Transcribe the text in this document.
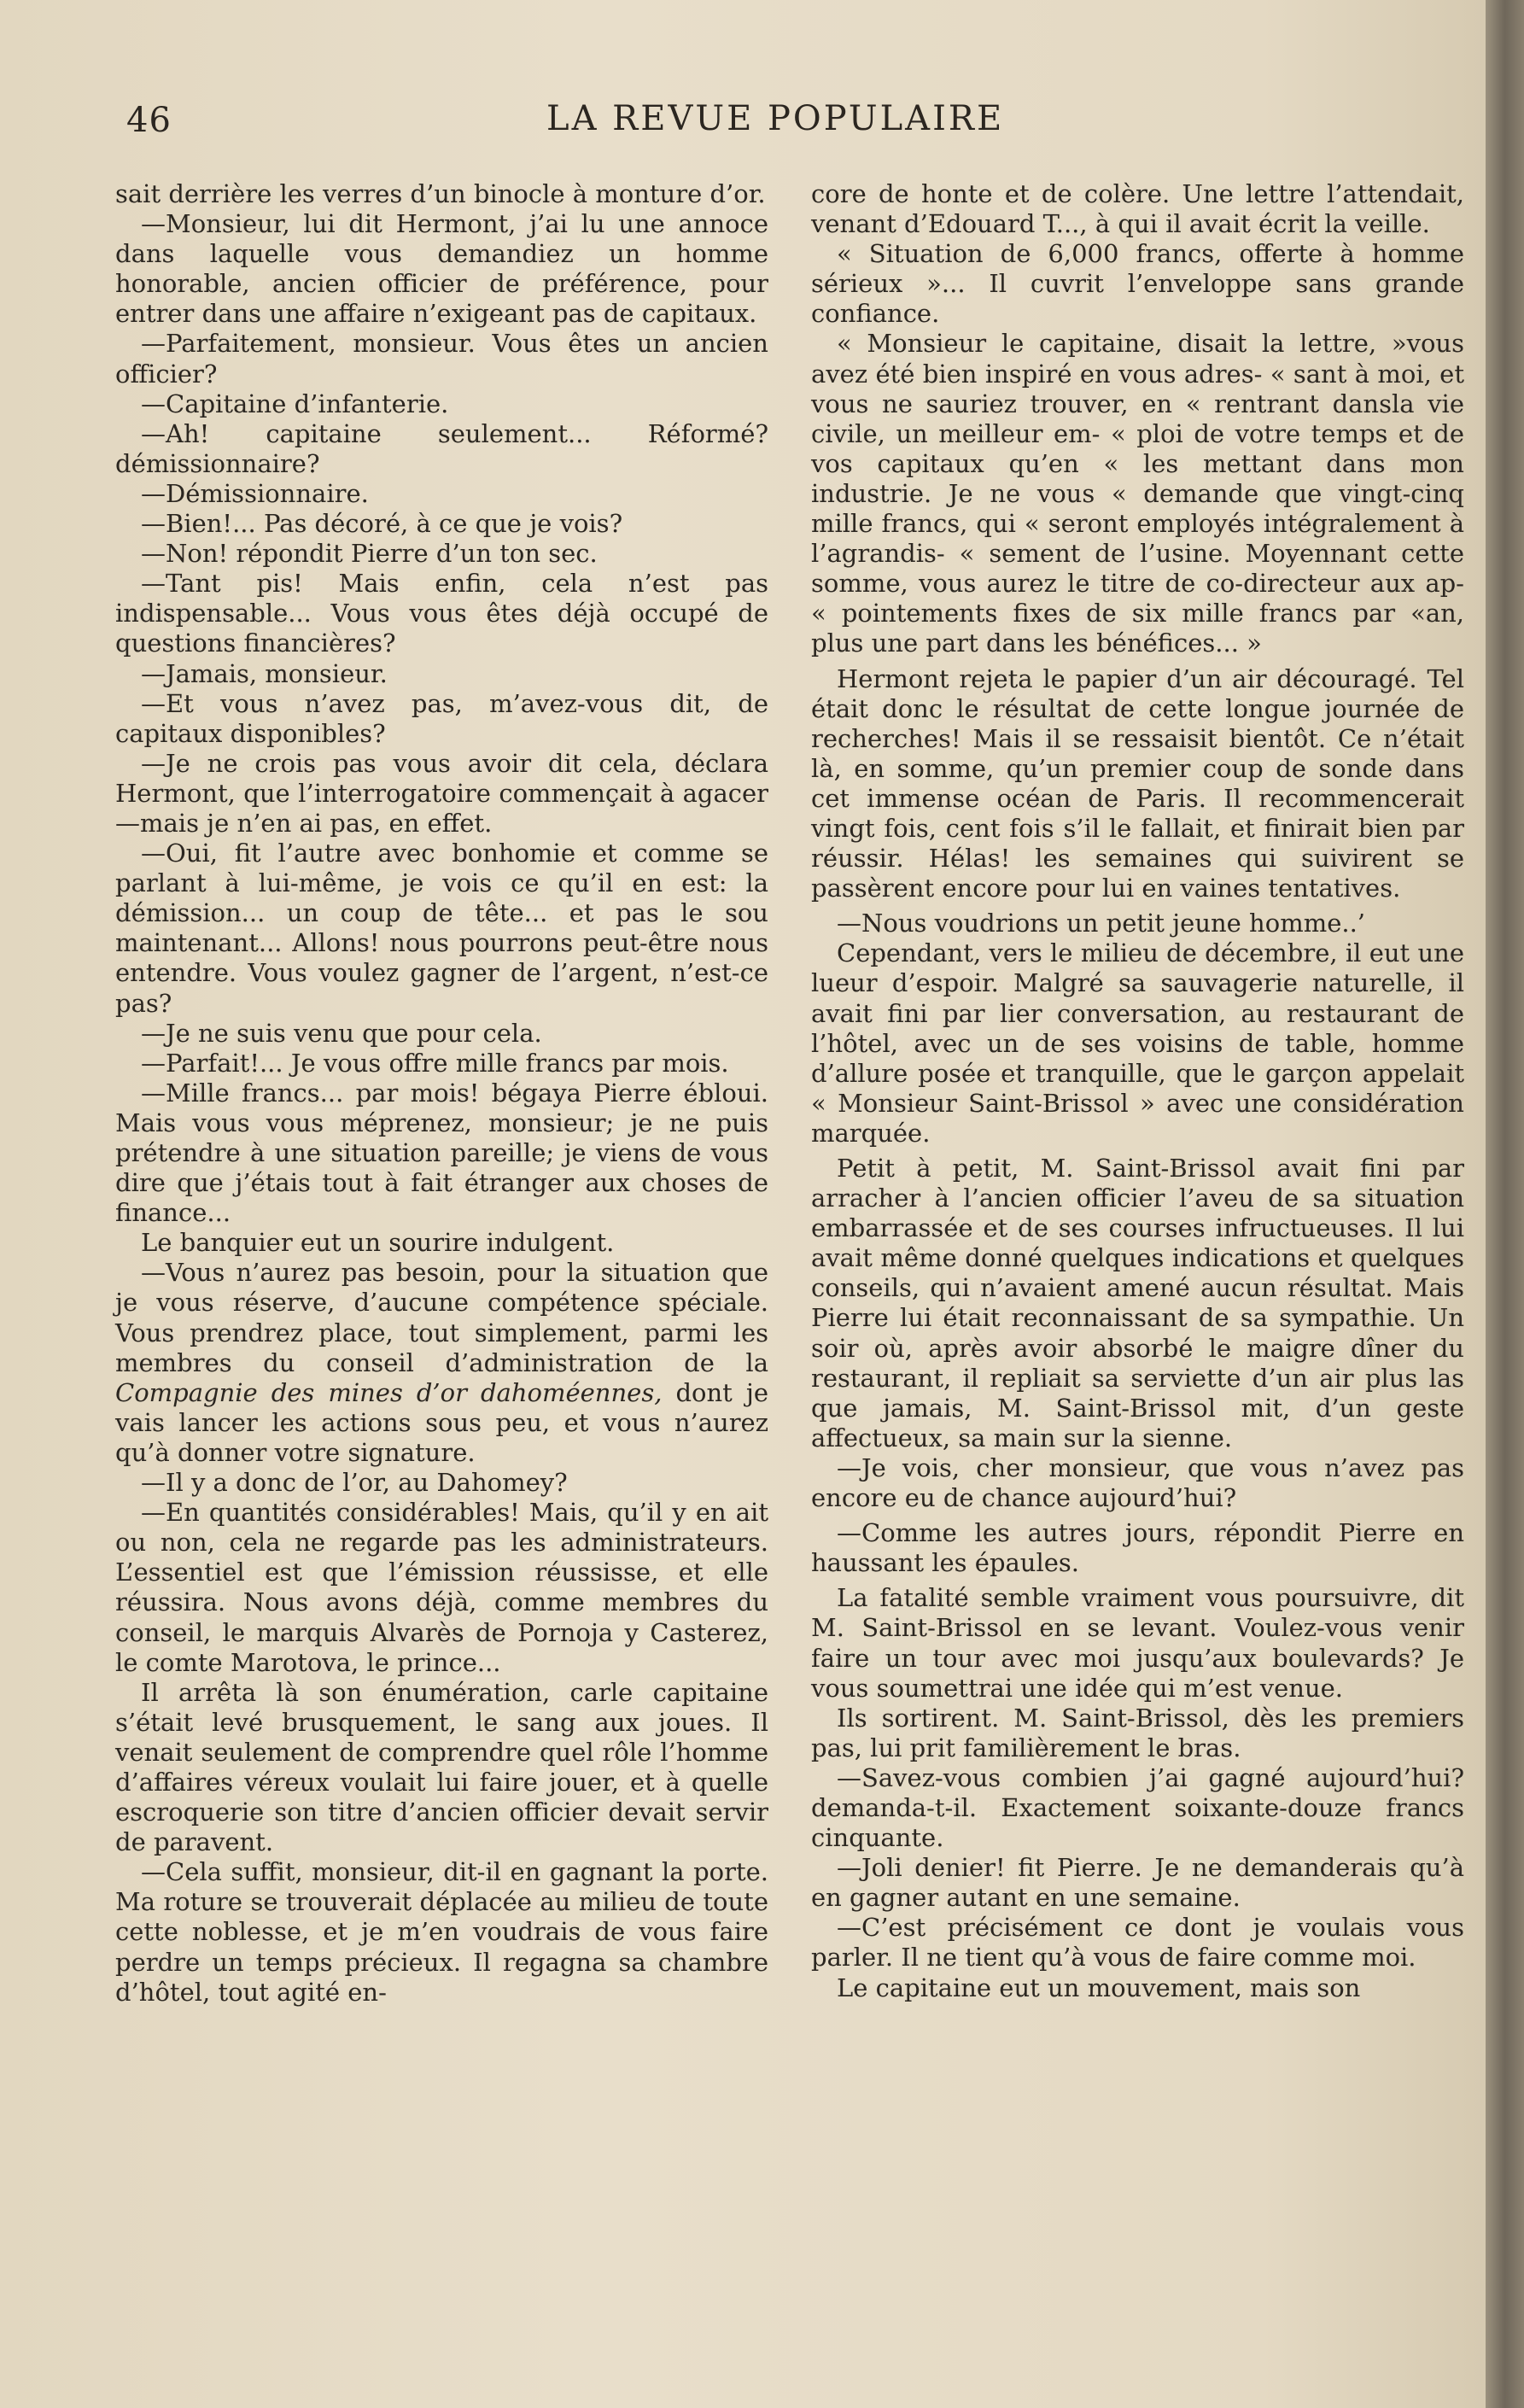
46	LA REVUE POPULAIRE

sait derrière les verres d’un binocle à monture d’or.

—Monsieur, lui dit Hermont, j’ai lu une annoce dans laquelle vous demandiez un homme honorable, ancien officier de préférence, pour entrer dans une affaire n’exigeant pas de capitaux.

—Parfaitement, monsieur. Vous êtes un ancien officier?

—Capitaine d’infanterie.

—Ah! capitaine seulement... Réformé? démissionnaire?

—Démissionnaire.

—Bien!... Pas décoré, à ce que je vois?

—Non! répondit Pierre d’un ton sec.

—Tant pis! Mais enfin, cela n’est pas indispensable... Vous vous êtes déjà occupé de questions financières?

—Jamais, monsieur.

—Et vous n’avez pas, m’avez-vous dit, de capitaux disponibles?

—Je ne crois pas vous avoir dit cela, déclara Hermont, que l’interrogatoire commençait à agacer—mais je n’en ai pas, en effet.

—Oui, fit l’autre avec bonhomie et comme se parlant à lui-même, je vois ce qu’il en est: la démission... un coup de tête... et pas le sou maintenant... Allons! nous pourrons peut-être nous entendre. Vous voulez gagner de l’argent, n’est-ce pas?

—Je ne suis venu que pour cela.

—Parfait!... Je vous offre mille francs par mois.

—Mille francs... par mois! bégaya Pierre ébloui. Mais vous vous méprenez, monsieur; je ne puis prétendre à une situation pareille; je viens de vous dire que j’étais tout à fait étranger aux choses de finance...

Le banquier eut un sourire indulgent.

—Vous n’aurez pas besoin, pour la situation que je vous réserve, d’aucune compétence spéciale. Vous prendrez place, tout simplement, parmi les membres du conseil d’administration de la Compagnie des mines d’or dahoméennes, dont je vais lancer les actions sous peu, et vous n’aurez qu’à donner votre signature.

—Il y a donc de l’or, au Dahomey?

—En quantités considérables! Mais, qu’il y en ait ou non, cela ne regarde pas les administrateurs. L’essentiel est que l’émission réussisse, et elle réussira. Nous avons déjà, comme membres du conseil, le marquis Alvarès de Pornoja y Casterez, le comte Marotova, le prince...

Il arrêta là son énumération, carle capitaine s’était levé brusquement, le sang aux joues. Il venait seulement de comprendre quel rôle l’homme d’affaires véreux voulait lui faire jouer, et à quelle escroquerie son titre d’ancien officier devait servir de paravent.

—Cela suffit, monsieur, dit-il en gagnant la porte. Ma roture se trouverait déplacée au milieu de toute cette noblesse, et je m’en voudrais de vous faire perdre un temps précieux. Il regagna sa chambre d’hôtel, tout agité en-

core de honte et de colère. Une lettre l’attendait, venant d’Edouard T..., à qui il avait écrit la veille.

« Situation de 6,000 francs, offerte à homme sérieux »... Il cuvrit l’enveloppe sans grande confiance.

« Monsieur le capitaine, disait la lettre, »vous avez été bien inspiré en vous adres- « sant à moi, et vous ne sauriez trouver, en « rentrant dansla vie civile, un meilleur em- « ploi de votre temps et de vos capitaux qu’en « les mettant dans mon industrie. Je ne vous « demande que vingt-cinq mille francs, qui « seront employés intégralement à l’agrandis- « sement de l’usine. Moyennant cette somme, vous aurez le titre de co-directeur aux ap- « pointements fixes de six mille francs par «an, plus une part dans les bénéfices... »

Hermont rejeta le papier d’un air découragé. Tel était donc le résultat de cette longue journée de recherches! Mais il se ressaisit bientôt. Ce n’était là, en somme, qu’un premier coup de sonde dans cet immense océan de Paris. Il recommencerait vingt fois, cent fois s’il le fallait, et finirait bien par réussir. Hélas! les semaines qui suivirent se passèrent encore pour lui en vaines tentatives.

—Nous voudrions un petit jeune homme..’

Cependant, vers le milieu de décembre, il eut une lueur d’espoir. Malgré sa sauvagerie naturelle, il avait fini par lier conversation, au restaurant de l’hôtel, avec un de ses voisins de table, homme d’allure posée et tranquille, que le garçon appelait « Monsieur Saint-Brissol » avec une considération marquée.

Petit à petit, M. Saint-Brissol avait fini par arracher à l’ancien officier l’aveu de sa situation embarrassée et de ses courses infructueuses. Il lui avait même donné quelques indications et quelques conseils, qui n’avaient amené aucun résultat. Mais Pierre lui était reconnaissant de sa sympathie. Un soir où, après avoir absorbé le maigre dîner du restaurant, il repliait sa serviette d’un air plus las que jamais, M. Saint-Brissol mit, d’un geste affectueux, sa main sur la sienne.

—Je vois, cher monsieur, que vous n’avez pas encore eu de chance aujourd’hui?

—Comme les autres jours, répondit Pierre en haussant les épaules.

La fatalité semble vraiment vous poursuivre, dit M. Saint-Brissol en se levant. Voulez-vous venir faire un tour avec moi jusqu’aux boulevards? Je vous soumettrai une idée qui m’est venue.

Ils sortirent. M. Saint-Brissol, dès les premiers pas, lui prit familièrement le bras.

—Savez-vous combien j’ai gagné aujourd’hui? demanda-t-il. Exactement soixante-douze francs cinquante.

—Joli denier! fit Pierre. Je ne demanderais qu’à en gagner autant en une semaine.

—C’est précisément ce dont je voulais vous parler. Il ne tient qu’à vous de faire comme moi.

Le capitaine eut un mouvement, mais son
